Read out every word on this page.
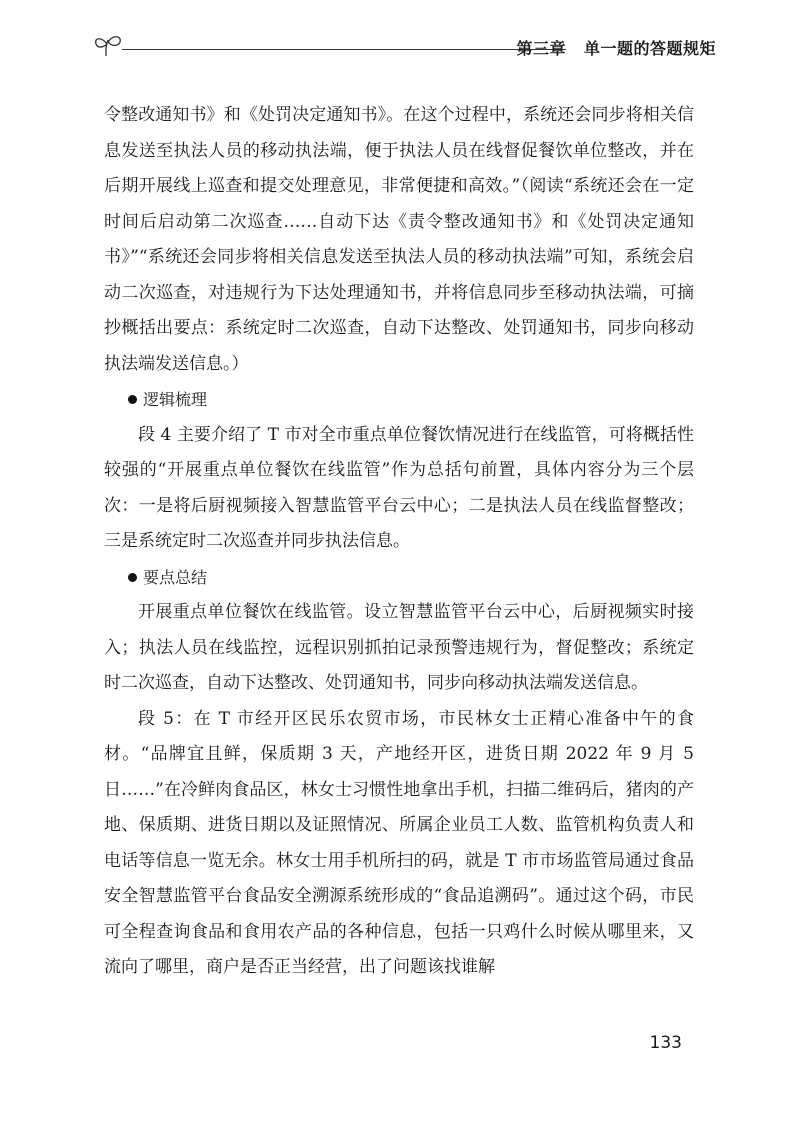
第三章 单一题的答题规矩

令整改通知书》和《处罚决定通知书》。在这个过程中，系统还会同步将相关信息发送至执法人员的移动执法端，便于执法人员在线督促餐饮单位整改，并在后期开展线上巡查和提交处理意见，非常便捷和高效。”（阅读“系统还会在一定时间后启动第二次巡查……自动下达《责令整改通知书》和《处罚决定通知书》”“系统还会同步将相关信息发送至执法人员的移动执法端”可知，系统会启动二次巡查，对违规行为下达处理通知书，并将信息同步至移动执法端，可摘抄概括出要点：系统定时二次巡查，自动下达整改、处罚通知书，同步向移动执法端发送信息。）

逻辑梳理

段 4 主要介绍了 T 市对全市重点单位餐饮情况进行在线监管，可将概括性较强的“开展重点单位餐饮在线监管”作为总括句前置，具体内容分为三个层次：一是将后厨视频接入智慧监管平台云中心；二是执法人员在线监督整改；三是系统定时二次巡查并同步执法信息。

要点总结

开展重点单位餐饮在线监管。设立智慧监管平台云中心，后厨视频实时接入；执法人员在线监控，远程识别抓拍记录预警违规行为，督促整改；系统定时二次巡查，自动下达整改、处罚通知书，同步向移动执法端发送信息。

段 5：在 T 市经开区民乐农贸市场，市民林女士正精心准备中午的食材。“品牌宜且鲜，保质期 3 天，产地经开区，进货日期 2022 年 9 月 5 日……”在冷鲜肉食品区，林女士习惯性地拿出手机，扫描二维码后，猪肉的产地、保质期、进货日期以及证照情况、所属企业员工人数、监管机构负责人和电话等信息一览无余。林女士用手机所扫的码，就是 T 市市场监管局通过食品安全智慧监管平台食品安全溯源系统形成的“食品追溯码”。通过这个码，市民可全程查询食品和食用农产品的各种信息，包括一只鸡什么时候从哪里来，又流向了哪里，商户是否正当经营，出了问题该找谁解

133
